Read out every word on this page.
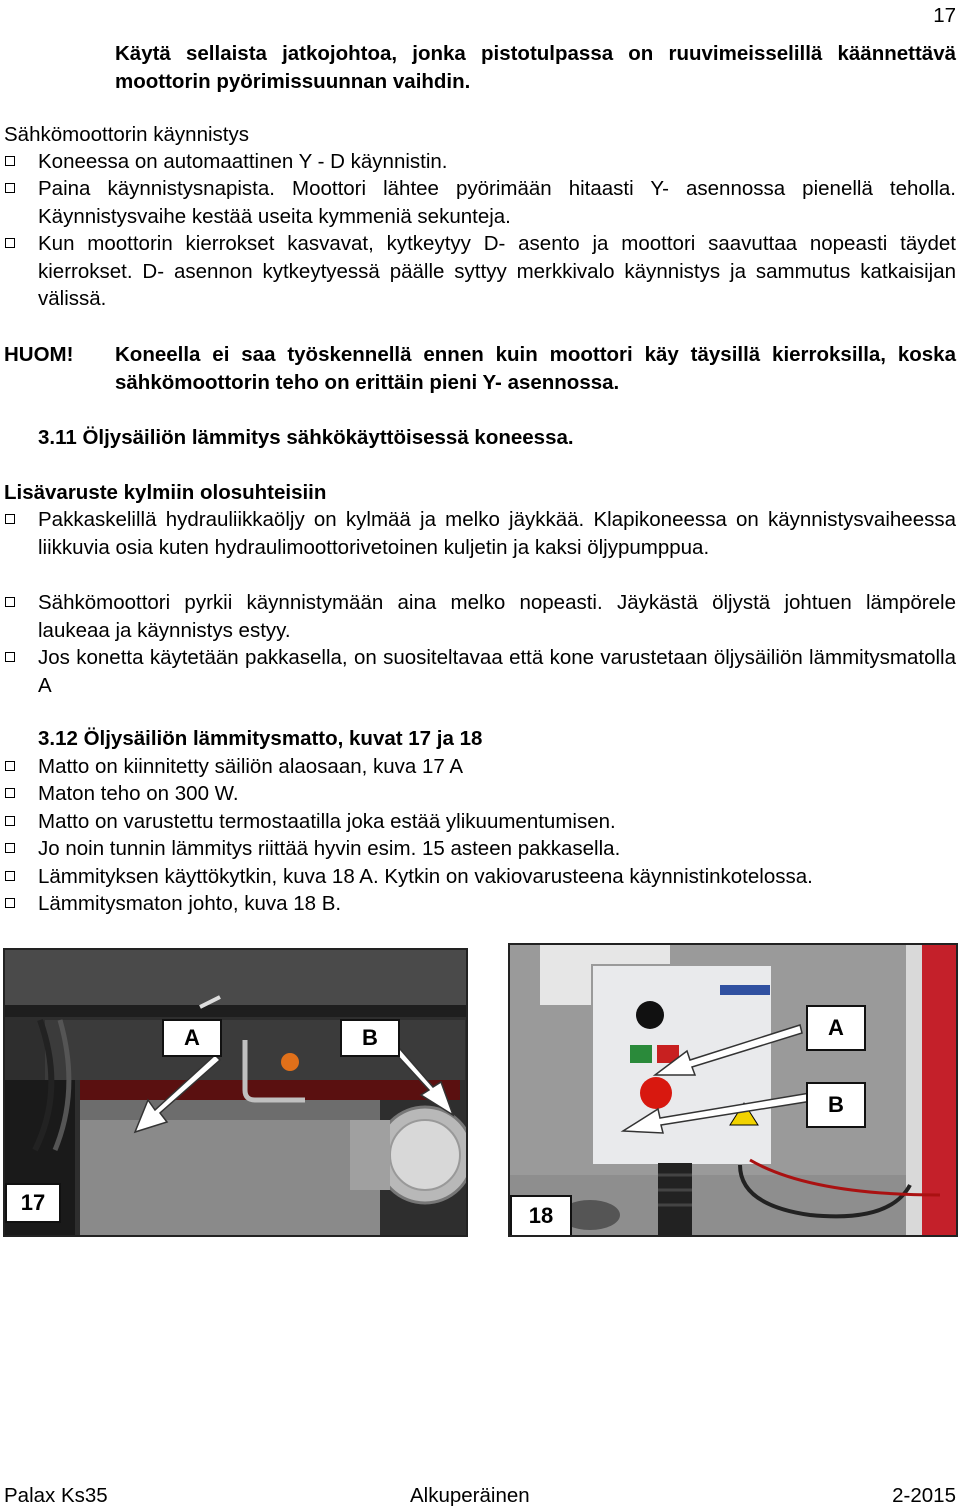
17
Käytä sellaista jatkojohtoa, jonka pistotulpassa on ruuvimeisselillä käännettävä moottorin pyörimissuunnan vaihdin.
Sähkömoottorin käynnistys
Koneessa on automaattinen Y - D käynnistin.
Paina käynnistysnapista. Moottori lähtee pyörimään hitaasti Y- asennossa pienellä teholla. Käynnistysvaihe kestää useita kymmeniä sekunteja.
Kun moottorin kierrokset kasvavat, kytkeytyy D- asento ja moottori saavuttaa nopeasti täydet kierrokset. D- asennon kytkeytyessä päälle syttyy merkkivalo käynnistys ja sammutus katkaisijan välissä.
HUOM! Koneella ei saa työskennellä ennen kuin moottori käy täysillä kierroksilla, koska sähkömoottorin teho on erittäin pieni Y- asennossa.
3.11 Öljysäiliön lämmitys sähkökäyttöisessä koneessa.
Lisävaruste kylmiin olosuhteisiin
Pakkaskelillä hydrauliikkaöljy on kylmää ja melko jäykkää. Klapikoneessa on käynnistysvaiheessa liikkuvia osia kuten hydraulimoottorivetoinen kuljetin ja kaksi öljypumppua.
Sähkömoottori pyrkii käynnistymään aina melko nopeasti. Jäykästä öljystä johtuen lämpörele laukeaa ja käynnistys estyy.
Jos konetta käytetään pakkasella, on suositeltavaa että kone varustetaan öljysäiliön lämmitysmatolla A
3.12 Öljysäiliön lämmitysmatto, kuvat 17 ja 18
Matto on kiinnitetty säiliön alaosaan, kuva 17 A
Maton teho on 300 W.
Matto on varustettu termostaatilla joka estää ylikuumentumisen.
Jo noin tunnin lämmitys riittää hyvin esim. 15 asteen pakkasella.
Lämmityksen käyttökytkin, kuva 18 A. Kytkin on vakiovarusteena käynnistinkotelossa.
Lämmitysmaton johto, kuva 18 B.
A	B
17
A
B
18
Palax Ks35	Alkuperäinen	2-2015
